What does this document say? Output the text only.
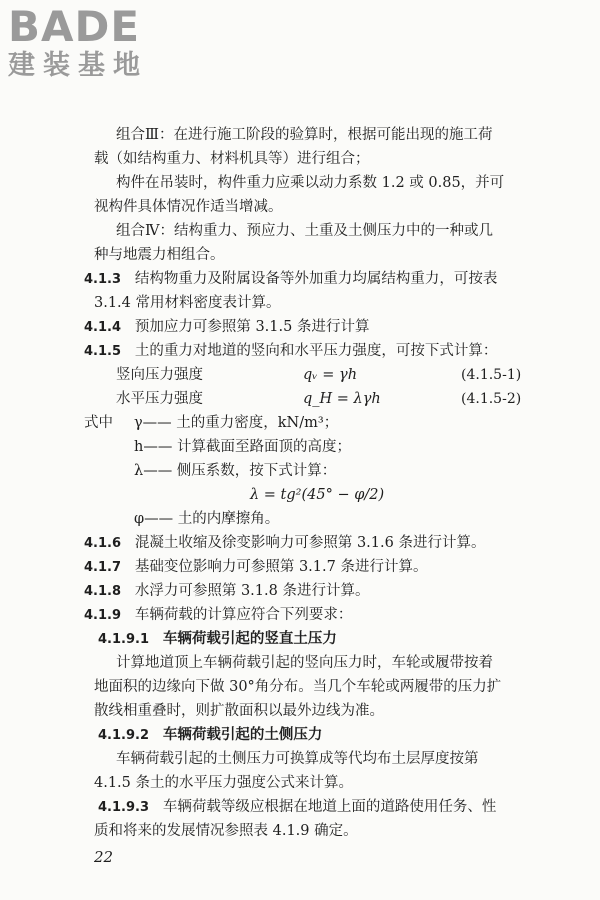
BADE
建装基地
组合Ⅲ：在进行施工阶段的验算时，根据可能出现的施工荷
载（如结构重力、材料机具等）进行组合；
构件在吊装时，构件重力应乘以动力系数 1.2 或 0.85，并可
视构件具体情况作适当增减。
组合Ⅳ：结构重力、预应力、土重及土侧压力中的一种或几
种与地震力相组合。
4.1.3 结构物重力及附属设备等外加重力均属结构重力，可按表
3.1.4 常用材料密度表计算。
4.1.4 预加应力可参照第 3.1.5 条进行计算
4.1.5 土的重力对地道的竖向和水平压力强度，可按下式计算：
竖向压力强度	qᵥ = γh	(4.1.5-1)
水平压力强度	q_H = λγh	(4.1.5-2)
式中 γ—— 土的重力密度，kN/m³；
h—— 计算截面至路面顶的高度；
λ—— 侧压系数，按下式计算：
λ = tg²(45° − φ/2)
φ—— 土的内摩擦角。
4.1.6 混凝土收缩及徐变影响力可参照第 3.1.6 条进行计算。
4.1.7 基础变位影响力可参照第 3.1.7 条进行计算。
4.1.8 水浮力可参照第 3.1.8 条进行计算。
4.1.9 车辆荷载的计算应符合下列要求：
4.1.9.1 车辆荷载引起的竖直土压力
计算地道顶上车辆荷载引起的竖向压力时，车轮或履带按着
地面积的边缘向下做 30°角分布。当几个车轮或两履带的压力扩
散线相重叠时，则扩散面积以最外边线为准。
4.1.9.2 车辆荷载引起的土侧压力
车辆荷载引起的土侧压力可换算成等代均布土层厚度按第
4.1.5 条土的水平压力强度公式来计算。
4.1.9.3 车辆荷载等级应根据在地道上面的道路使用任务、性
质和将来的发展情况参照表 4.1.9 确定。
22
